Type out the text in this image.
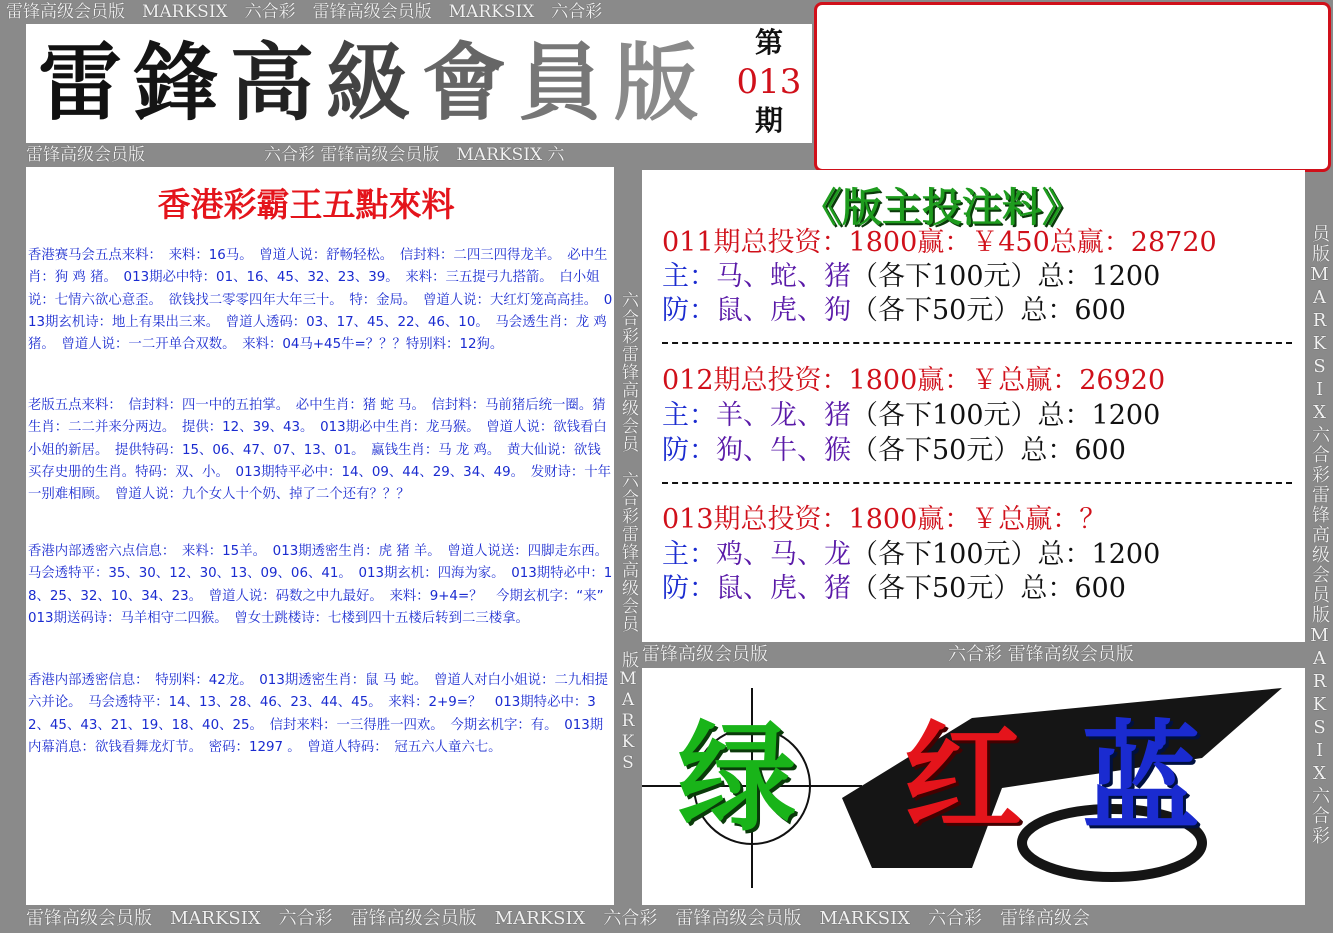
雷锋高级会员版　MARKSIX　六合彩　雷锋高级会员版　MARKSIX　六合彩
雷锋高级会员版　　　　　　　六合彩 雷锋高级会员版　MARKSIX 六
雷锋高级会员版　MARKSIX　六合彩　雷锋高级会员版　MARKSIX　六合彩　雷锋高级会员版　MARKSIX　六合彩　雷锋高级会
员版MARKSIX六合彩雷锋高级会员版MARKSIX六合彩
六合彩雷锋高级会员　六合彩雷锋高级会员　版MARKS 雷锋高级会员版　　　　　　　　　　六合彩 雷锋高级会员版
雷 鋒 高 級 會 員 版	第
013
期
香港彩霸王五點來料
香港赛马会五点来料：　来料：16马。　曾道人说：舒畅轻松。　信封料：二四三四得龙羊。　必中生肖：狗 鸡 猪。　013期必中特：01、16、45、32、23、39。　来料：三五提弓九搭箭。　白小姐说：七情六欲心意歪。　欲钱找二零零四年大年三十。　特：金局。　曾道人说：大红灯笼高高挂。　013期玄机诗：地上有果出三来。　曾道人透码：03、17、45、22、46、10。　马会透生肖：龙 鸡 猪。　曾道人说：一二开单合双数。　来料：04马+45牛=？？？特别料：12狗。
老版五点来料：　信封料：四一中的五拍掌。　必中生肖：猪 蛇 马。　信封料：马前猪后统一圈。猜生肖：二二并来分两边。　提供：12、39、43。　013期必中生肖：龙马猴。　曾道人说：欲钱看白小姐的新居。　提供特码：15、06、47、07、13、01。　赢钱生肖：马 龙 鸡。　黄大仙说：欲钱买存史册的生肖。特码：双、小。　013期特平必中：14、09、44、29、34、49。　发财诗：十年一别难相顾。　曾道人说：九个女人十个奶、掉了二个还有？？？
香港内部透密六点信息：　来料：15羊。　013期透密生肖：虎 猪 羊。　曾道人说送：四脚走东西。　马会透特平：35、30、12、30、13、09、06、41。　013期玄机：四海为家。　013期特必中：18、25、32、10、34、23。　曾道人说：码数之中九最好。　来料：9+4=？　今期玄机字：“来”　013期送码诗：马羊相守二四猴。　曾女士跳楼诗：七楼到四十五楼后转到二三楼拿。
香港内部透密信息：　特别料：42龙。　013期透密生肖：鼠 马 蛇。　曾道人对白小姐说：二九相提六并论。　马会透特平：14、13、28、46、23、44、45。　来料：2+9=？　013期特必中：32、45、43、21、19、18、40、25。　信封来料：一三得胜一四欢。　今期玄机字：有。　013期内幕消息：欲钱看舞龙灯节。　密码：1297 。　曾道人特码：　冠五六人童六七。
《版主投注料》
011期总投资：1800赢：￥450总赢：28720
主：马、蛇、猪（各下100元）总：1200
防：鼠、虎、狗（各下50元）总：600
012期总投资：1800赢：￥总赢：26920
主：羊、龙、猪（各下100元）总：1200
防：狗、牛、猴（各下50元）总：600
013期总投资：1800赢：￥总赢：？
主：鸡、马、龙（各下100元）总：1200
防：鼠、虎、猪（各下50元）总：600
绿 红 蓝
